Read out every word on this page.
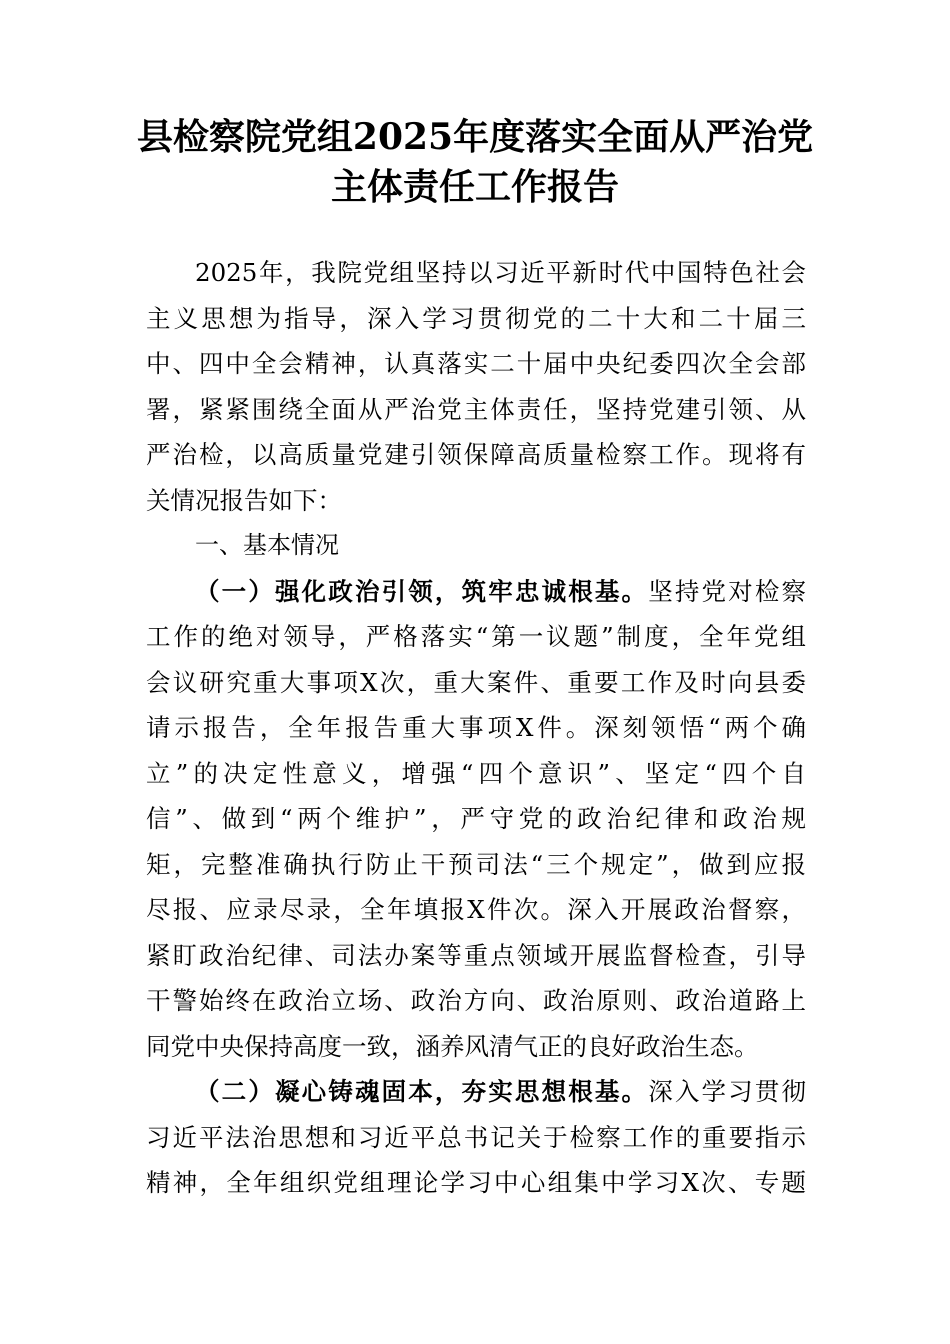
县检察院党组2025年度落实全面从严治党
主体责任工作报告
2025年，我院党组坚持以习近平新时代中国特色社会
主义思想为指导，深入学习贯彻党的二十大和二十届三
中、四中全会精神，认真落实二十届中央纪委四次全会部
署，紧紧围绕全面从严治党主体责任，坚持党建引领、从
严治检，以高质量党建引领保障高质量检察工作。现将有
关情况报告如下：
一、基本情况
（一）强化政治引领，筑牢忠诚根基。坚持党对检察
工作的绝对领导，严格落实“第一议题”制度，全年党组
会议研究重大事项X次，重大案件、重要工作及时向县委
请示报告，全年报告重大事项X件。深刻领悟“两个确
立”的决定性意义，增强“四个意识”、坚定“四个自
信”、做到“两个维护”，严守党的政治纪律和政治规
矩，完整准确执行防止干预司法“三个规定”，做到应报
尽报、应录尽录，全年填报X件次。深入开展政治督察，
紧盯政治纪律、司法办案等重点领域开展监督检查，引导
干警始终在政治立场、政治方向、政治原则、政治道路上
同党中央保持高度一致，涵养风清气正的良好政治生态。
（二）凝心铸魂固本，夯实思想根基。深入学习贯彻
习近平法治思想和习近平总书记关于检察工作的重要指示
精神，全年组织党组理论学习中心组集中学习X次、专题
